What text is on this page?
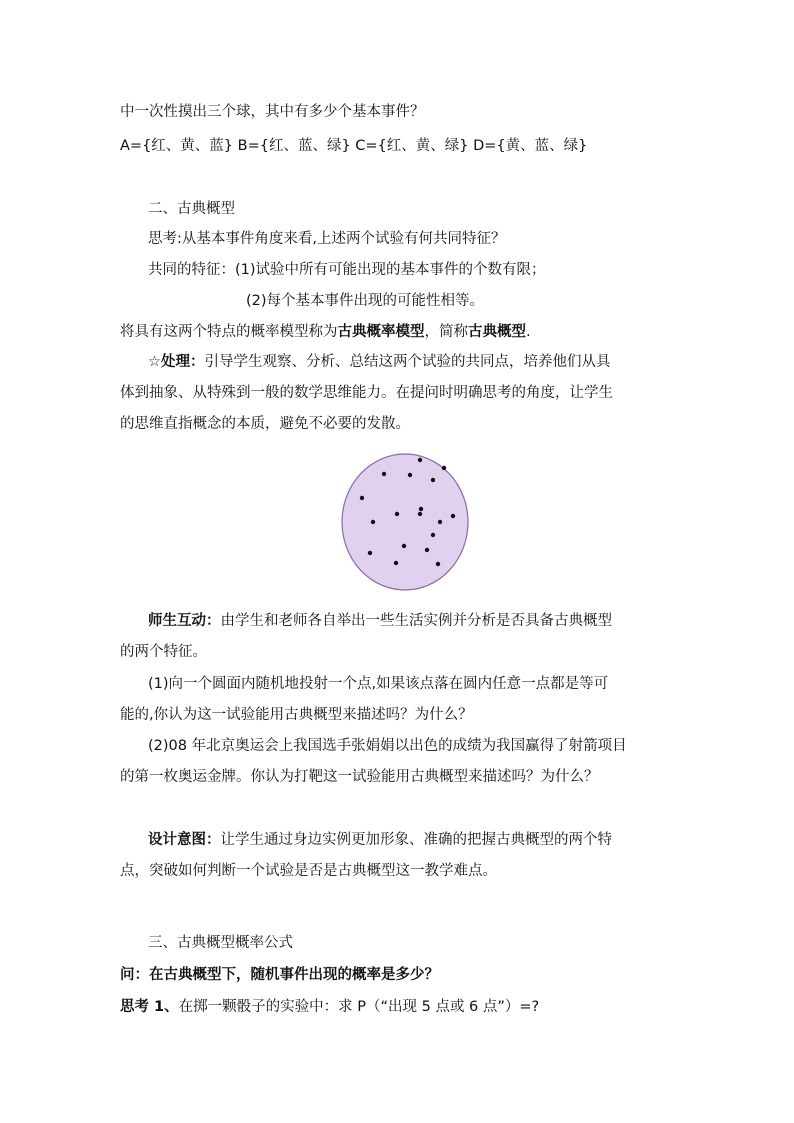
中一次性摸出三个球，其中有多少个基本事件？
A={红、黄、蓝} B={红、蓝、绿} C={红、黄、绿} D={黄、蓝、绿}
二、古典概型
思考:从基本事件角度来看,上述两个试验有何共同特征？
共同的特征：(1)试验中所有可能出现的基本事件的个数有限；
(2)每个基本事件出现的可能性相等。
将具有这两个特点的概率模型称为古典概率模型，简称古典概型.
☆处理：引导学生观察、分析、总结这两个试验的共同点，培养他们从具
体到抽象、从特殊到一般的数学思维能力。在提问时明确思考的角度，让学生
的思维直指概念的本质，避免不必要的发散。
师生互动：由学生和老师各自举出一些生活实例并分析是否具备古典概型
的两个特征。
(1)向一个圆面内随机地投射一个点,如果该点落在圆内任意一点都是等可
能的,你认为这一试验能用古典概型来描述吗？为什么？
(2)08 年北京奥运会上我国选手张娟娟以出色的成绩为我国赢得了射箭项目
的第一枚奥运金牌。你认为打靶这一试验能用古典概型来描述吗？为什么？
设计意图：让学生通过身边实例更加形象、准确的把握古典概型的两个特
点，突破如何判断一个试验是否是古典概型这一教学难点。
三、古典概型概率公式
问：在古典概型下，随机事件出现的概率是多少？
思考 1、在掷一颗骰子的实验中：求 P（“出现 5 点或 6 点”）=?
